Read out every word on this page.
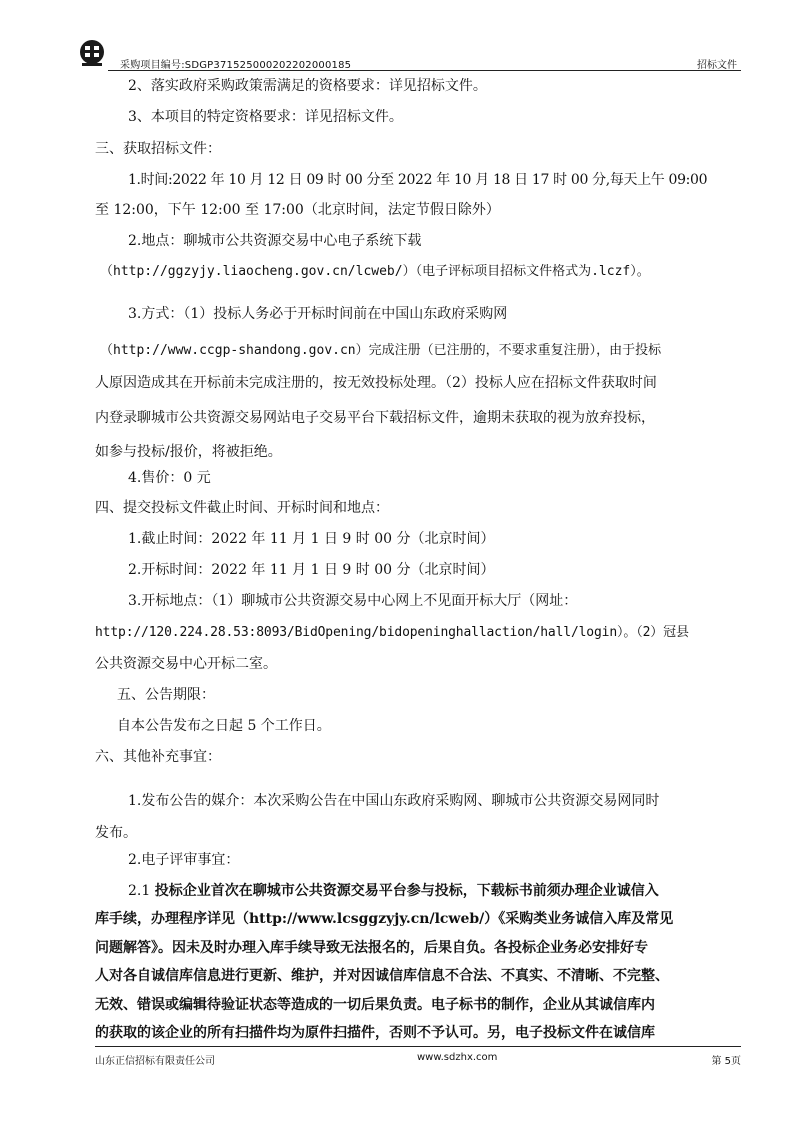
采购项目编号:SDGP371525000202202000185	招标文件
2、落实政府采购政策需满足的资格要求：详见招标文件。
3、本项目的特定资格要求：详见招标文件。
三、获取招标文件：
1.时间:2022 年 10 月 12 日 09 时 00 分至 2022 年 10 月 18 日 17 时 00 分,每天上午 09:00
至 12:00，下午 12:00 至 17:00（北京时间，法定节假日除外）
2.地点：聊城市公共资源交易中心电子系统下载
（http://ggzyjy.liaocheng.gov.cn/lcweb/）（电子评标项目招标文件格式为.lczf）。
3.方式：（1）投标人务必于开标时间前在中国山东政府采购网
（http://www.ccgp-shandong.gov.cn）完成注册（已注册的，不要求重复注册），由于投标
人原因造成其在开标前未完成注册的，按无效投标处理。（2）投标人应在招标文件获取时间
内登录聊城市公共资源交易网站电子交易平台下载招标文件，逾期未获取的视为放弃投标，
如参与投标/报价，将被拒绝。
4.售价：0 元
四、提交投标文件截止时间、开标时间和地点：
1.截止时间：2022 年 11 月 1 日 9 时 00 分（北京时间）
2.开标时间：2022 年 11 月 1 日 9 时 00 分（北京时间）
3.开标地点：（1）聊城市公共资源交易中心网上不见面开标大厅（网址：
http://120.224.28.53:8093/BidOpening/bidopeninghallaction/hall/login）。（2）冠县
公共资源交易中心开标二室。
五、公告期限：
自本公告发布之日起 5 个工作日。
六、其他补充事宜：
1.发布公告的媒介：本次采购公告在中国山东政府采购网、聊城市公共资源交易网同时
发布。
2.电子评审事宜：
2.1 投标企业首次在聊城市公共资源交易平台参与投标，下载标书前须办理企业诚信入
库手续，办理程序详见（http://www.lcsggzyjy.cn/lcweb/）《采购类业务诚信入库及常见
问题解答》。因未及时办理入库手续导致无法报名的，后果自负。各投标企业务必安排好专
人对各自诚信库信息进行更新、维护，并对因诚信库信息不合法、不真实、不清晰、不完整、
无效、错误或编辑待验证状态等造成的一切后果负责。电子标书的制作，企业从其诚信库内
的获取的该企业的所有扫描件均为原件扫描件，否则不予认可。另，电子投标文件在诚信库
山东正信招标有限责任公司	www.sdzhx.com	第 5页
